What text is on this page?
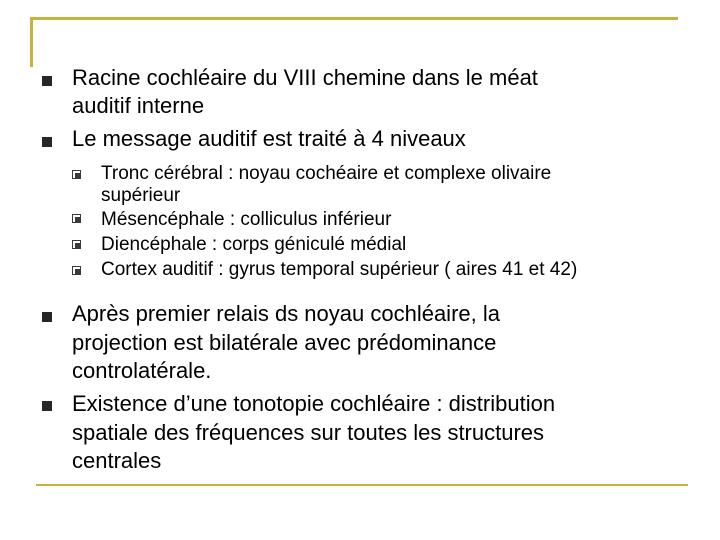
Racine cochléaire du VIII chemine dans le méat
auditif interne
Le message auditif est traité à 4 niveaux
Tronc cérébral : noyau cochéaire et complexe olivaire
supérieur
Mésencéphale : colliculus inférieur
Diencéphale : corps géniculé médial
Cortex auditif : gyrus temporal supérieur ( aires 41 et 42)
Après premier relais ds noyau cochléaire, la
projection est bilatérale avec prédominance
controlatérale.
Existence d’une tonotopie cochléaire : distribution
spatiale des fréquences sur toutes les structures
centrales
